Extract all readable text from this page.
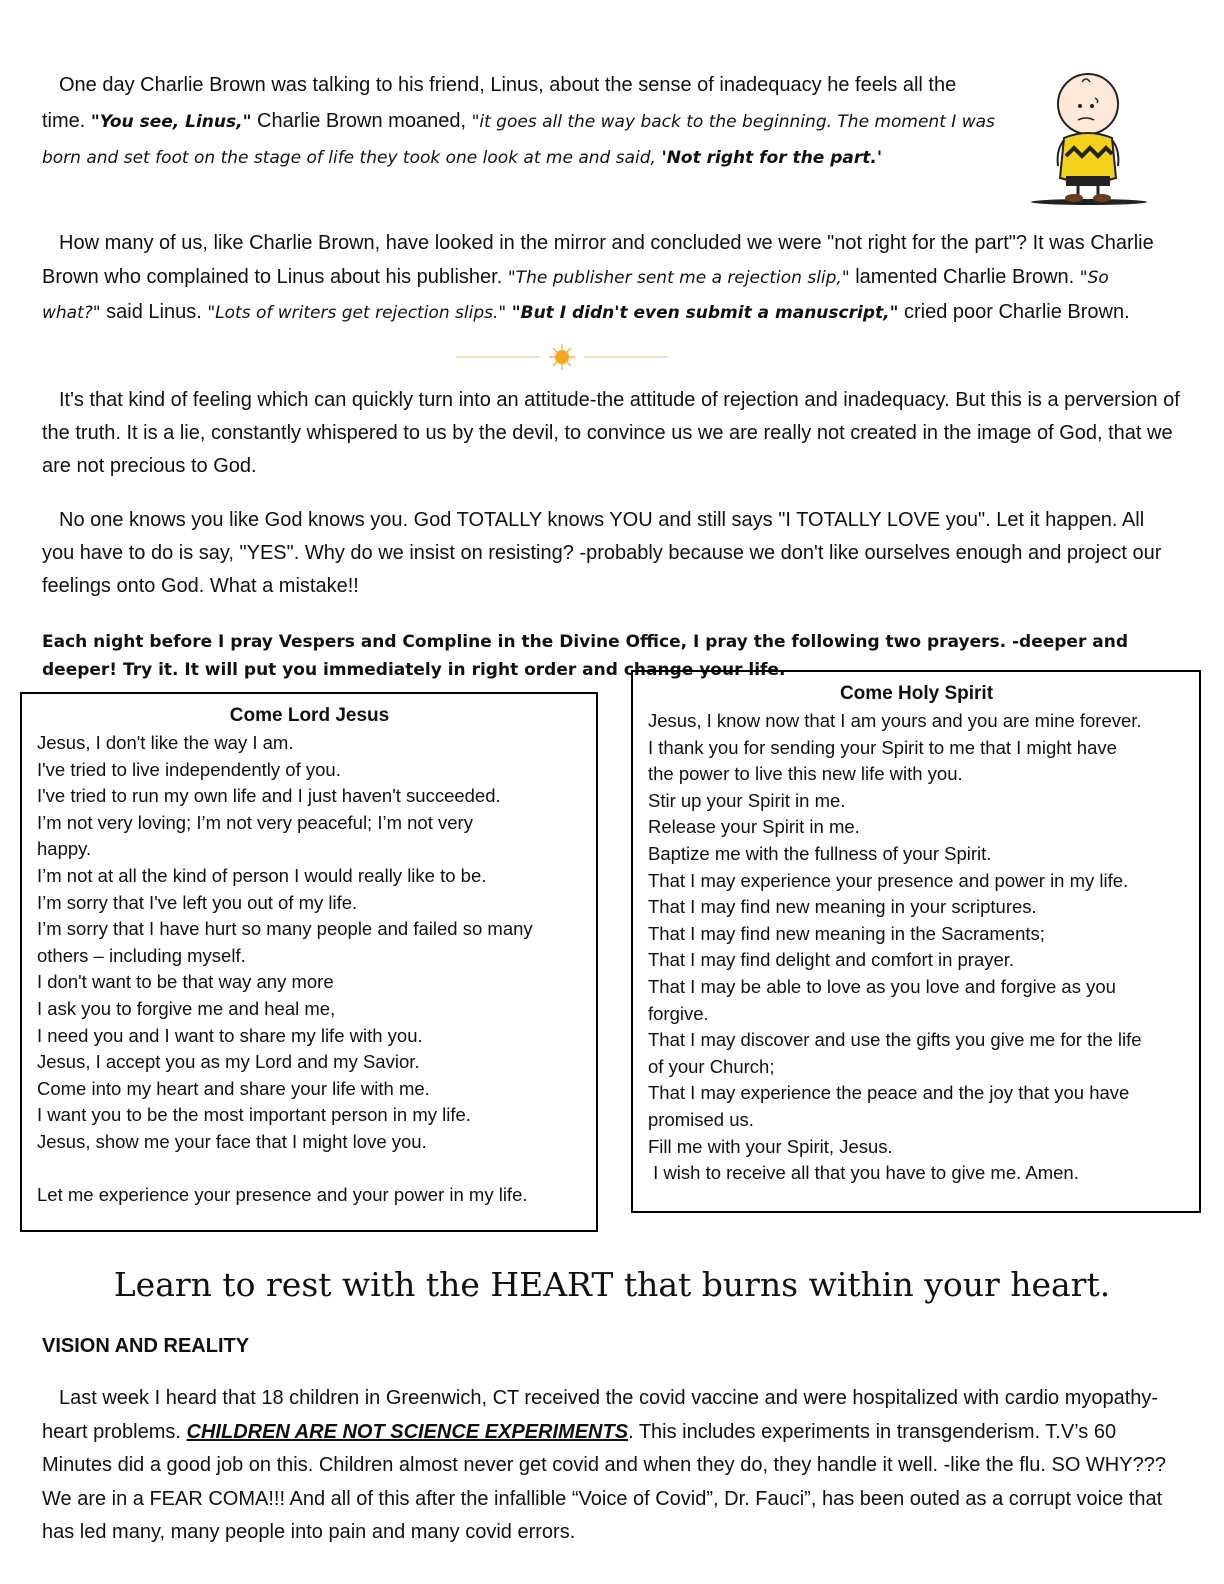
One day Charlie Brown was talking to his friend, Linus, about the sense of inadequacy he feels all the time. "You see, Linus," Charlie Brown moaned, "it goes all the way back to the beginning. The moment I was born and set foot on the stage of life they took one look at me and said, 'Not right for the part.'

How many of us, like Charlie Brown, have looked in the mirror and concluded we were "not right for the part"? It was Charlie Brown who complained to Linus about his publisher. "The publisher sent me a rejection slip," lamented Charlie Brown. "So what?" said Linus. "Lots of writers get rejection slips." "But I didn't even submit a manuscript," cried poor Charlie Brown.

It's that kind of feeling which can quickly turn into an attitude-the attitude of rejection and inadequacy. But this is a perversion of the truth. It is a lie, constantly whispered to us by the devil, to convince us we are really not created in the image of God, that we are not precious to God.

No one knows you like God knows you. God TOTALLY knows YOU and still says "I TOTALLY LOVE you". Let it happen. All you have to do is say, "YES". Why do we insist on resisting? -probably because we don't like ourselves enough and project our feelings onto God. What a mistake!!

Each night before I pray Vespers and Compline in the Divine Office, I pray the following two prayers. -deeper and deeper! Try it. It will put you immediately in right order and change your life.

Come Lord Jesus
Jesus, I don't like the way I am.
I've tried to live independently of you.
I've tried to run my own life and I just haven't succeeded.
I’m not very loving; I’m not very peaceful; I’m not very
happy.
I’m not at all the kind of person I would really like to be.
I’m sorry that I've left you out of my life.
I’m sorry that I have hurt so many people and failed so many
others – including myself.
I don't want to be that way any more
I ask you to forgive me and heal me,
I need you and I want to share my life with you.
Jesus, I accept you as my Lord and my Savior.
Come into my heart and share your life with me.
I want you to be the most important person in my life.
Jesus, show me your face that I might love you.
Let me experience your presence and your power in my life.
Come Holy Spirit
Jesus, I know now that I am yours and you are mine forever.
I thank you for sending your Spirit to me that I might have
the power to live this new life with you.
Stir up your Spirit in me.
Release your Spirit in me.
Baptize me with the fullness of your Spirit.
That I may experience your presence and power in my life.
That I may find new meaning in your scriptures.
That I may find new meaning in the Sacraments;
That I may find delight and comfort in prayer.
That I may be able to love as you love and forgive as you
forgive.
That I may discover and use the gifts you give me for the life
of your Church;
That I may experience the peace and the joy that you have
promised us.
Fill me with your Spirit, Jesus.
I wish to receive all that you have to give me. Amen.
Learn to rest with the HEART that burns within your heart.
VISION AND REALITY

Last week I heard that 18 children in Greenwich, CT received the covid vaccine and were hospitalized with cardio myopathy- heart problems. CHILDREN ARE NOT SCIENCE EXPERIMENTS. This includes experiments in transgenderism. T.V’s 60 Minutes did a good job on this. Children almost never get covid and when they do, they handle it well. -like the flu. SO WHY??? We are in a FEAR COMA!!! And all of this after the infallible “Voice of Covid”, Dr. Fauci”, has been outed as a corrupt voice that has led many, many people into pain and many covid errors.
